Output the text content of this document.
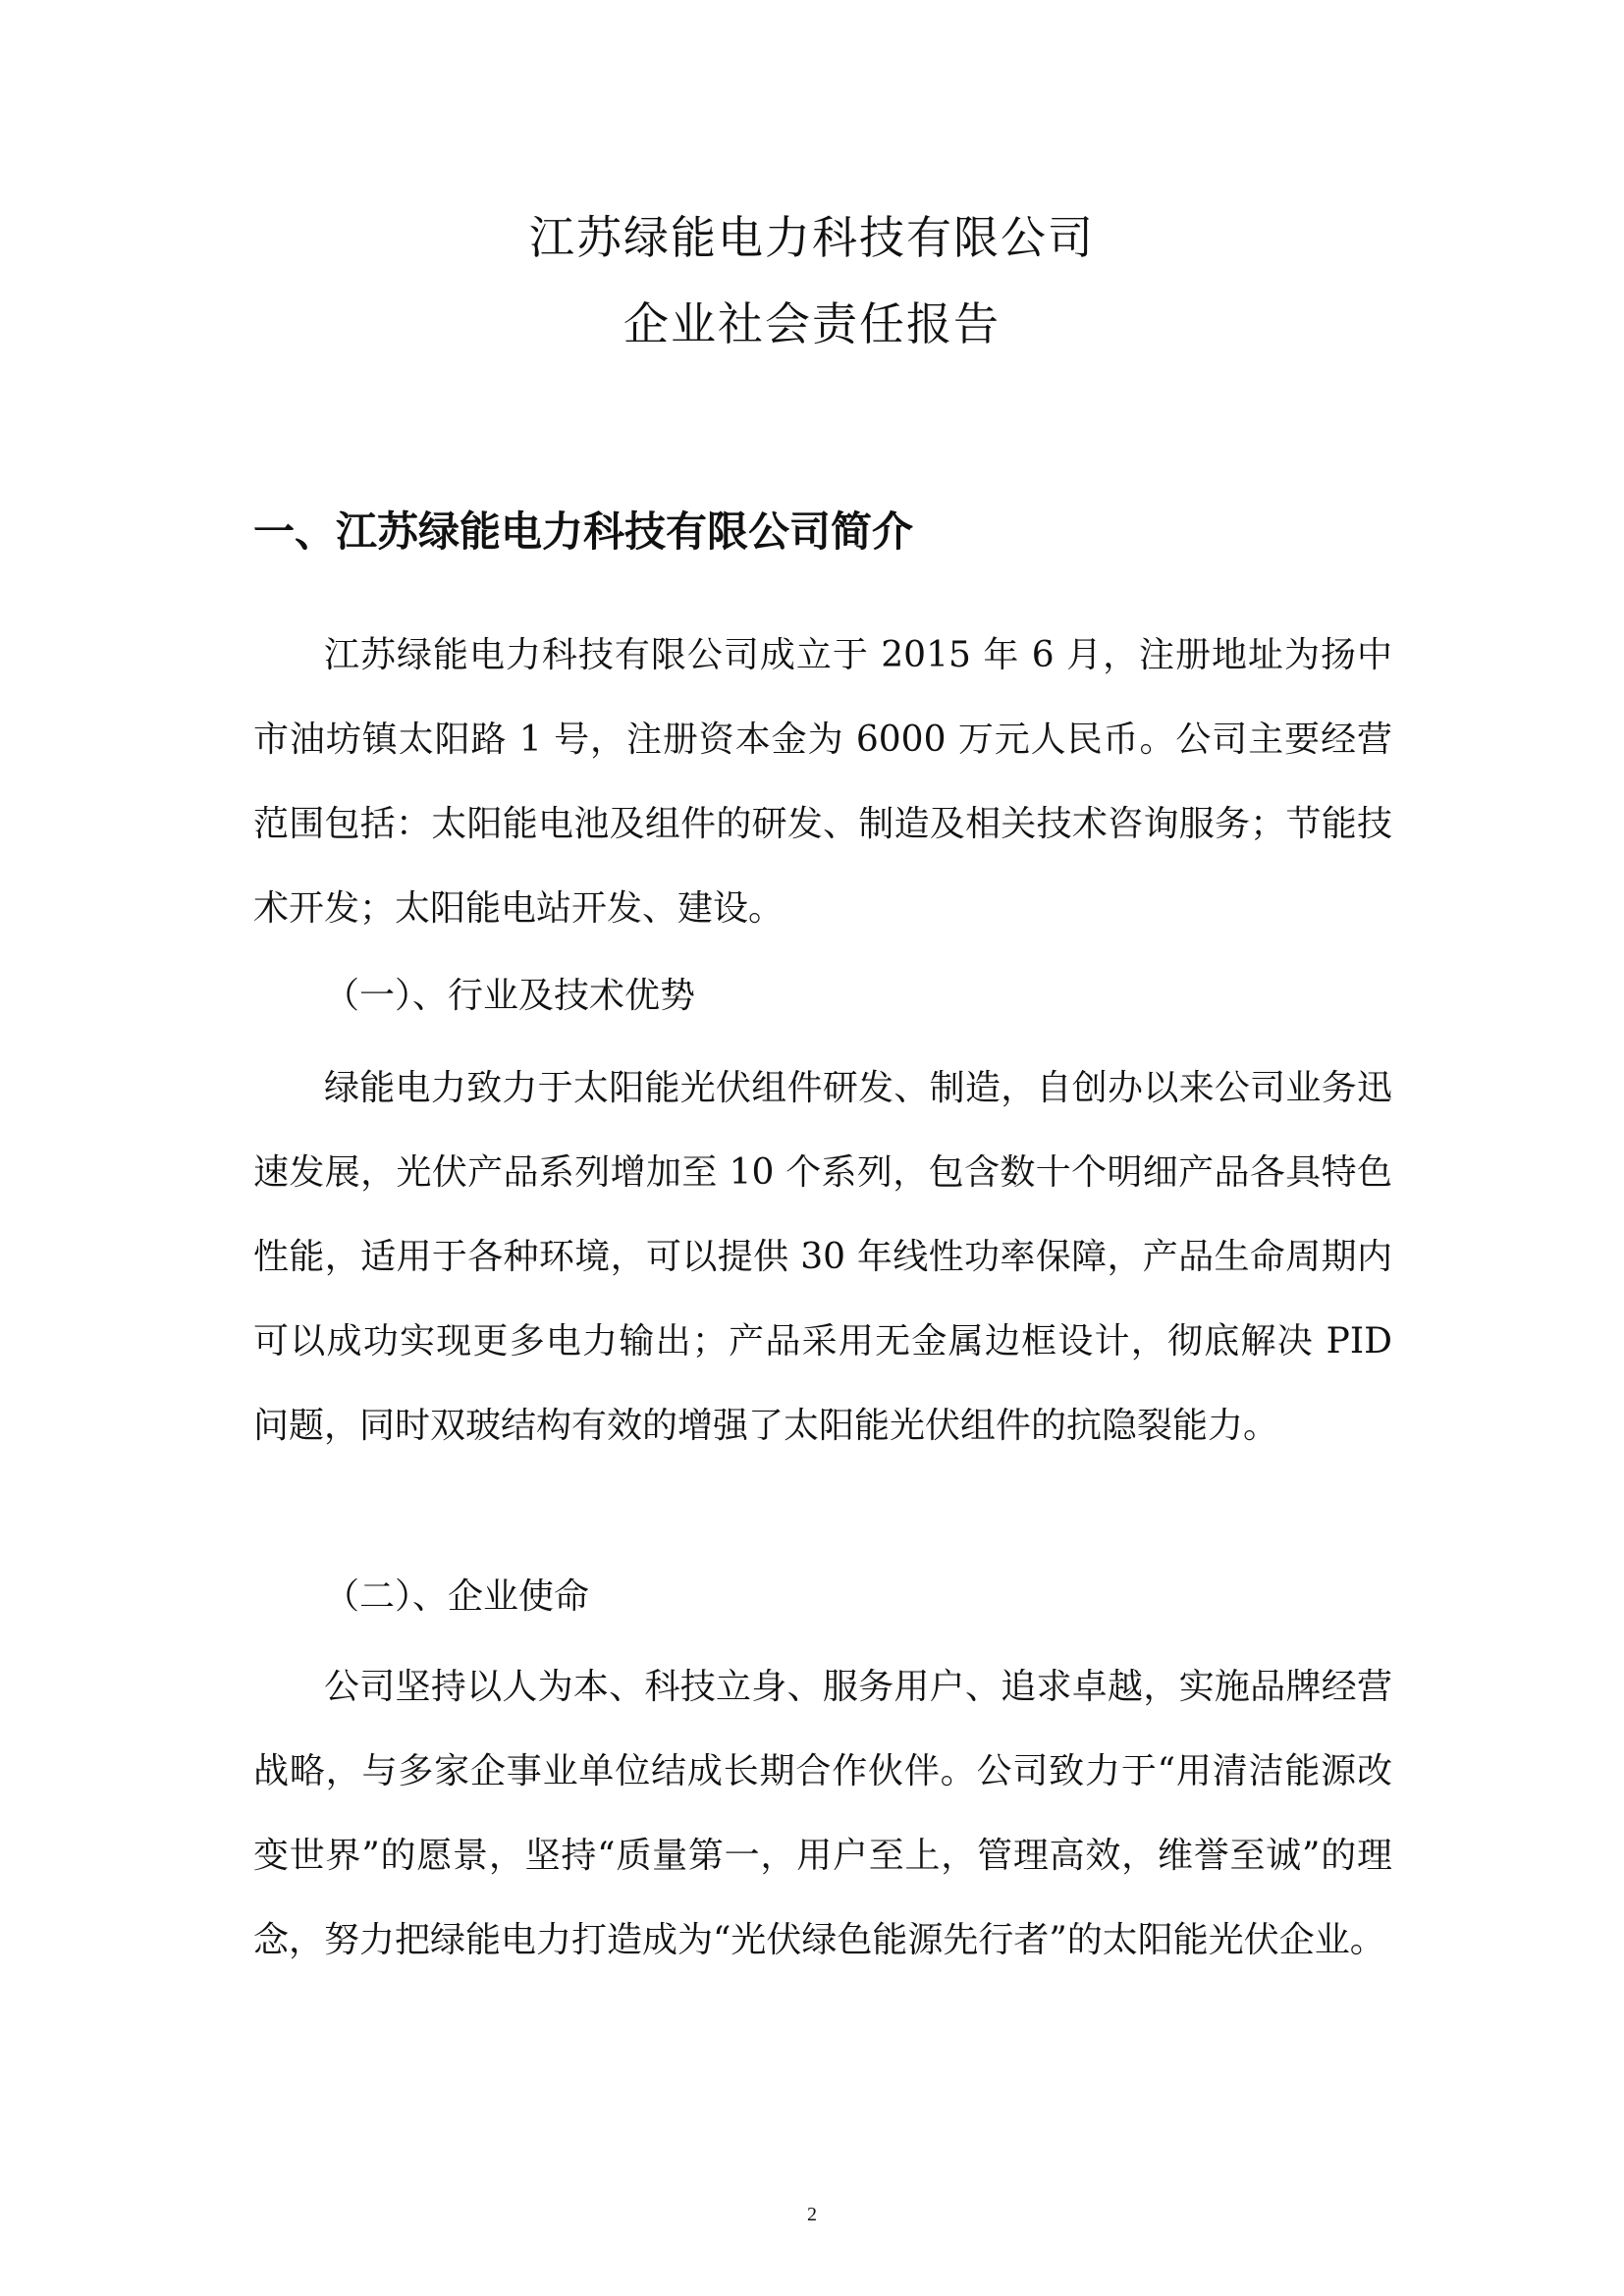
江苏绿能电力科技有限公司
企业社会责任报告
一、江苏绿能电力科技有限公司简介
江苏绿能电力科技有限公司成立于 2015 年 6 月，注册地址为扬中市油坊镇太阳路 1 号，注册资本金为 6000 万元人民币。公司主要经营范围包括：太阳能电池及组件的研发、制造及相关技术咨询服务；节能技术开发；太阳能电站开发、建设。
（一）、行业及技术优势
绿能电力致力于太阳能光伏组件研发、制造，自创办以来公司业务迅速发展，光伏产品系列增加至 10 个系列，包含数十个明细产品各具特色性能，适用于各种环境，可以提供 30 年线性功率保障，产品生命周期内可以成功实现更多电力输出；产品采用无金属边框设计，彻底解决 PID 问题，同时双玻结构有效的增强了太阳能光伏组件的抗隐裂能力。
（二）、企业使命
公司坚持以人为本、科技立身、服务用户、追求卓越，实施品牌经营战略，与多家企事业单位结成长期合作伙伴。公司致力于“用清洁能源改变世界”的愿景，坚持“质量第一，用户至上，管理高效，维誉至诚”的理念，努力把绿能电力打造成为“光伏绿色能源先行者”的太阳能光伏企业。
2
